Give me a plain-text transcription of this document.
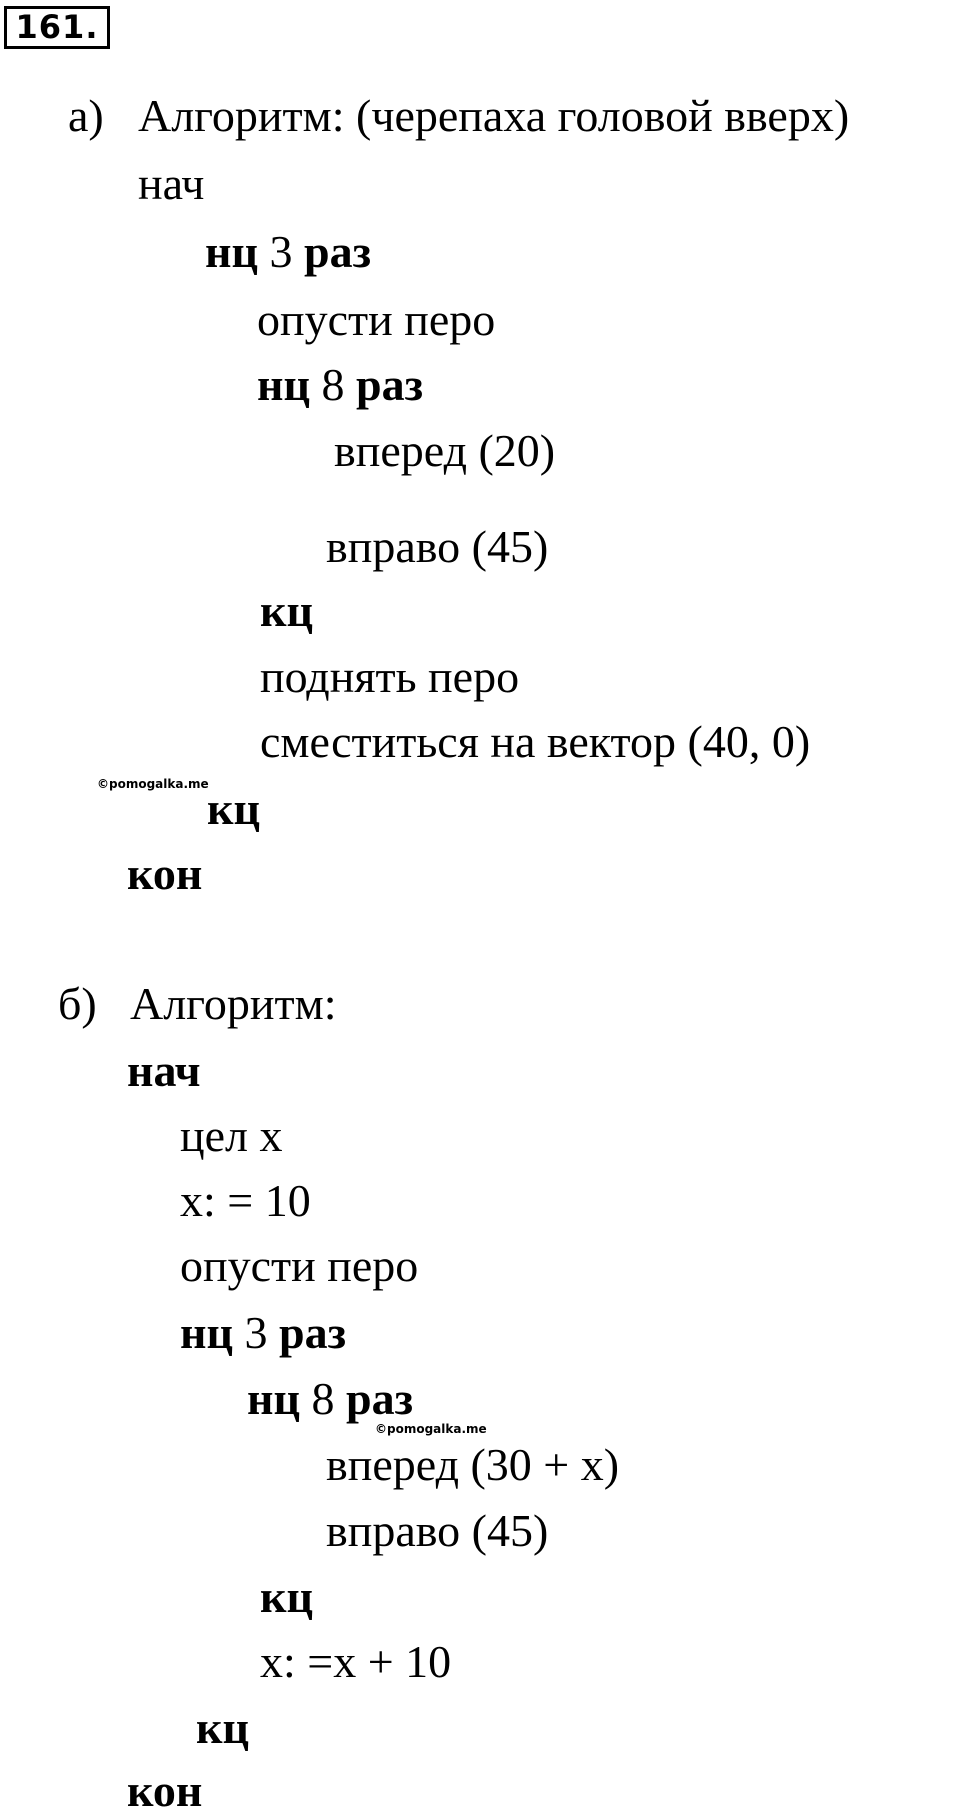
161.
а) Алгоритм: (черепаха головой вверх)
нач
нц 3 раз
опусти перо
нц 8 раз
вперед (20)
вправо (45)
кц
поднять перо
сместиться на вектор (40, 0)
©pomogalka.me
кц
кон
б) Алгоритм:
нач
цел x
x: = 10
опусти перо
нц 3 раз
нц 8 раз
©pomogalka.me
вперед (30 + x)
вправо (45)
кц
x: =x + 10
кц
кон
